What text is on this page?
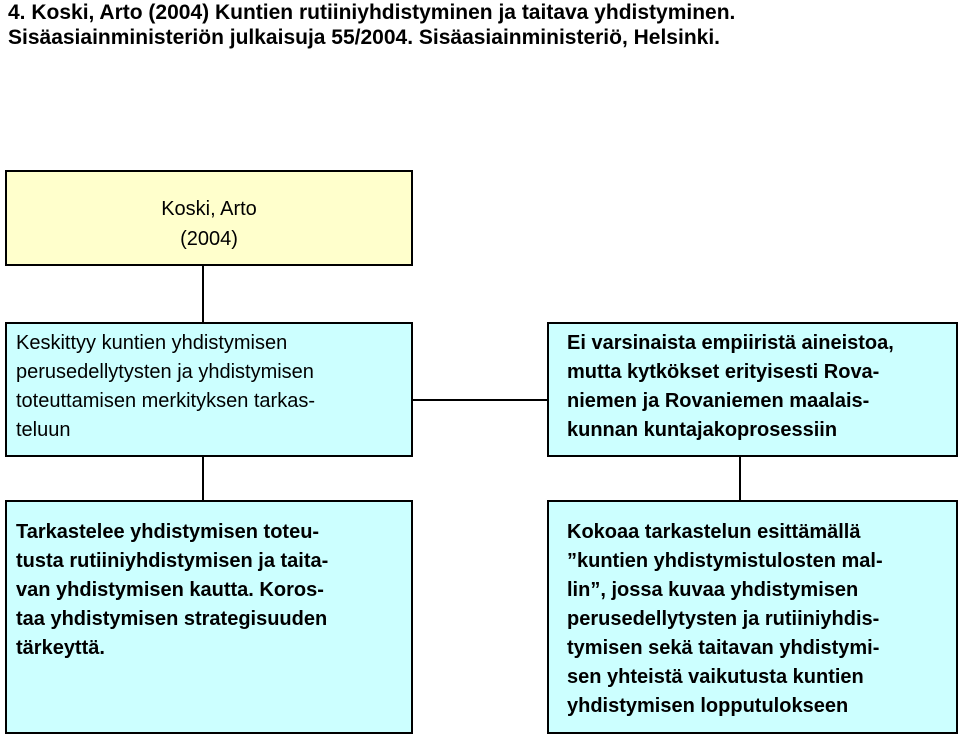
4. Koski, Arto (2004) Kuntien rutiiniyhdistyminen ja taitava yhdistyminen.
Sisäasiainministeriön julkaisuja 55/2004. Sisäasiainministeriö, Helsinki.
Koski, Arto
(2004)
Keskittyy kuntien yhdistymisen
perusedellytysten ja yhdistymisen
toteuttamisen merkityksen tarkas-
teluun
Ei varsinaista empiiristä aineistoa,
mutta kytkökset erityisesti Rova-
niemen ja Rovaniemen maalais-
kunnan kuntajakoprosessiin
Tarkastelee yhdistymisen toteu-
tusta rutiiniyhdistymisen ja taita-
van yhdistymisen kautta. Koros-
taa yhdistymisen strategisuuden
tärkeyttä.
Kokoaa tarkastelun esittämällä
”kuntien yhdistymistulosten mal-
lin”, jossa kuvaa yhdistymisen
perusedellytysten ja rutiiniyhdis-
tymisen sekä taitavan yhdistymi-
sen yhteistä vaikutusta kuntien
yhdistymisen lopputulokseen
